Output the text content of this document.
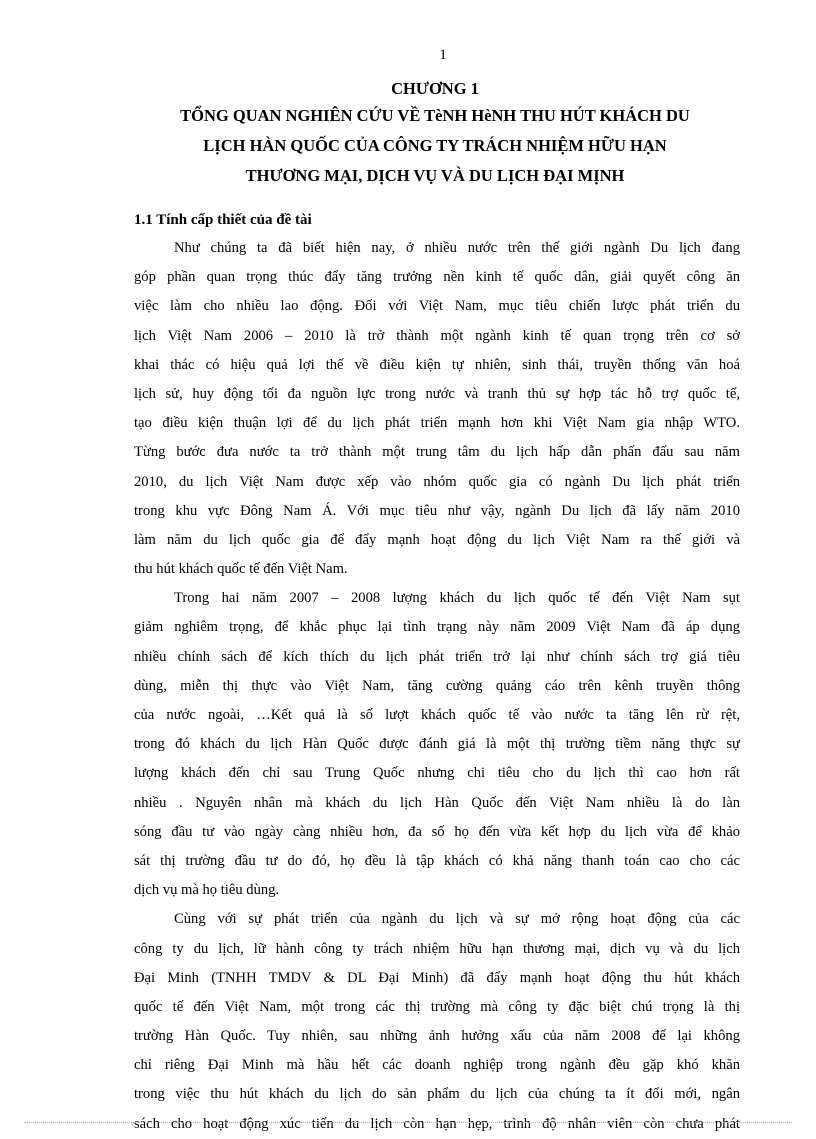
1
CHƯƠNG 1
TỔNG QUAN NGHIÊN CỨU VỀ TèNH HèNH THU HÚT KHÁCH DU
LỊCH HÀN QUỐC CỦA CÔNG TY TRÁCH NHIỆM HỮU HẠN
THƯƠNG MẠI, DỊCH VỤ VÀ DU LỊCH ĐẠI MỊNH
1.1 Tính cấp thiết của đề tài
Như chúng ta đã biết hiện nay, ở nhiều nước trên thế giới ngành Du lịch đang
góp phần quan trọng thúc đẩy tăng trưởng nền kinh tế quốc dân, giải quyết công ăn
việc làm cho nhiều lao động. Đối với Việt Nam, mục tiêu chiến lược phát triển du
lịch Việt Nam 2006 – 2010 là trở thành một ngành kinh tế quan trọng trên cơ sở
khai thác có hiệu quả lợi thế về điều kiện tự nhiên, sinh thái, truyền thống văn hoá
lịch sử, huy động tối đa nguồn lực trong nước và tranh thủ sự hợp tác hỗ trợ quốc tế,
tạo điều kiện thuận lợi để du lịch phát triển mạnh hơn khi Việt Nam gia nhập WTO.
Từng bước đưa nước ta trở thành một trung tâm du lịch hấp dẫn phấn đấu sau năm
2010, du lịch Việt Nam được xếp vào nhóm quốc gia có ngành Du lịch phát triển
trong khu vực Đông Nam Á. Với mục tiêu như vậy, ngành Du lịch đã lấy năm 2010
làm năm du lịch quốc gia để đẩy mạnh hoạt động du lịch Việt Nam ra thế giới và
thu hút khách quốc tế đến Việt Nam.
Trong hai năm 2007 – 2008 lượng khách du lịch quốc tế đến Việt Nam sụt
giảm nghiêm trọng, để khắc phục lại tình trạng này năm 2009 Việt Nam đã áp dụng
nhiều chính sách để kích thích du lịch phát triển trở lại như chính sách trợ giá tiêu
dùng, miễn thị thực vào Việt Nam, tăng cường quảng cáo trên kênh truyền thông
của nước ngoài, …Kết quả là số lượt khách quốc tế vào nước ta tăng lên rừ rệt,
trong đó khách du lịch Hàn Quốc được đánh giá là một thị trường tiềm năng thực sự
lượng khách đến chỉ sau Trung Quốc nhưng chi tiêu cho du lịch thì cao hơn rất
nhiều . Nguyên nhân mà khách du lịch Hàn Quốc đến Việt Nam nhiều là do làn
sóng đầu tư vào ngày càng nhiều hơn, đa số họ đến vừa kết hợp du lịch vừa để khảo
sát thị trường đầu tư do đó, họ đều là tập khách có khả năng thanh toán cao cho các
dịch vụ mà họ tiêu dùng.
Cùng với sự phát triển của ngành du lịch và sự mở rộng hoạt động của các
công ty du lịch, lữ hành công ty trách nhiệm hữu hạn thương mại, dịch vụ và du lịch
Đại Minh (TNHH TMDV & DL Đại Minh) đã đẩy mạnh hoạt động thu hút khách
quốc tế đến Việt Nam, một trong các thị trường mà công ty đặc biệt chú trọng là thị
trường Hàn Quốc. Tuy nhiên, sau những ảnh hưởng xấu của năm 2008 để lại không
chỉ riêng Đại Minh mà hầu hết các doanh nghiệp trong ngành đều gặp khó khăn
trong việc thu hút khách du lịch do sản phẩm du lịch của chúng ta ít đổi mới, ngân
sách cho hoạt động xúc tiến du lịch còn hạn hẹp, trình độ nhân viên còn chưa phát
